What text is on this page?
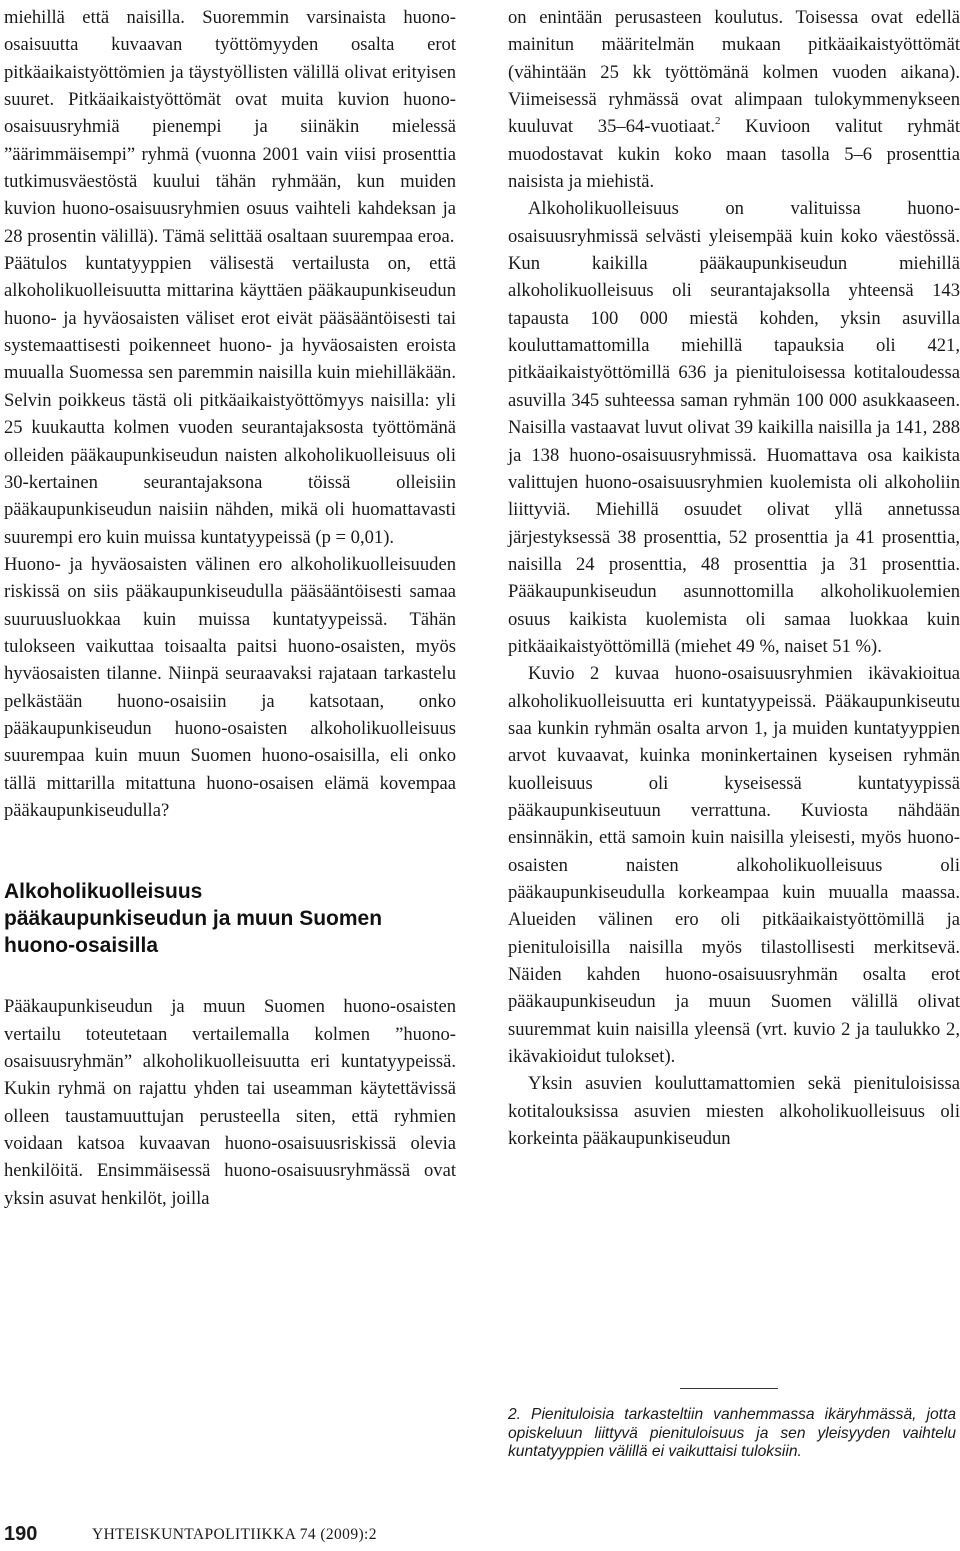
miehillä että naisilla. Suoremmin varsinaista huono-osaisuutta kuvaavan työttömyyden osalta erot pitkäaikaistyöttömien ja täystyöllisten välillä olivat erityisen suuret. Pitkäaikaistyöttömät ovat muita kuvion huono-osaisuusryhmiä pienempi ja siinäkin mielessä ”äärimmäisempi” ryhmä (vuonna 2001 vain viisi prosenttia tutkimusväestöstä kuului tähän ryhmään, kun muiden kuvion huono-osaisuusryhmien osuus vaihteli kahdeksan ja 28 prosentin välillä). Tämä selittää osaltaan suurempaa eroa.

Päätulos kuntatyyppien välisestä vertailusta on, että alkoholikuolleisuutta mittarina käyttäen pääkaupunkiseudun huono- ja hyväosaisten väliset erot eivät pääsääntöisesti tai systemaattisesti poikenneet huono- ja hyväosaisten eroista muualla Suomessa sen paremmin naisilla kuin miehilläkään. Selvin poikkeus tästä oli pitkäaikaistyöttömyys naisilla: yli 25 kuukautta kolmen vuoden seurantajaksosta työttömänä olleiden pääkaupunkiseudun naisten alkoholikuolleisuus oli 30-kertainen seurantajaksona töissä olleisiin pääkaupunkiseudun naisiin nähden, mikä oli huomattavasti suurempi ero kuin muissa kuntatyypeissä (p = 0,01).

Huono- ja hyväosaisten välinen ero alkoholikuolleisuuden riskissä on siis pääkaupunkiseudulla pääsääntöisesti samaa suuruusluokkaa kuin muissa kuntatyypeissä. Tähän tulokseen vaikuttaa toisaalta paitsi huono-osaisten, myös hyväosaisten tilanne. Niinpä seuraavaksi rajataan tarkastelu pelkästään huono-osaisiin ja katsotaan, onko pääkaupunkiseudun huono-osaisten alkoholikuolleisuus suurempaa kuin muun Suomen huono-osaisilla, eli onko tällä mittarilla mitattuna huono-osaisen elämä kovempaa pääkaupunkiseudulla?

Alkoholikuolleisuus pääkaupunkiseudun ja muun Suomen huono-osaisilla

Pääkaupunkiseudun ja muun Suomen huono-osaisten vertailu toteutetaan vertailemalla kolmen ”huono-osaisuusryhmän” alkoholikuolleisuutta eri kuntatyypeissä. Kukin ryhmä on rajattu yhden tai useamman käytettävissä olleen taustamuuttujan perusteella siten, että ryhmien voidaan katsoa kuvaavan huono-osaisuusriskissä olevia henkilöitä. Ensimmäisessä huono-osaisuusryhmässä ovat yksin asuvat henkilöt, joilla

on enintään perusasteen koulutus. Toisessa ovat edellä mainitun määritelmän mukaan pitkäaikaistyöttömät (vähintään 25 kk työttömänä kolmen vuoden aikana). Viimeisessä ryhmässä ovat alimpaan tulokymmenykseen kuuluvat 35–64-vuotiaat.$^2$ Kuvioon valitut ryhmät muodostavat kukin koko maan tasolla 5–6 prosenttia naisista ja miehistä.

Alkoholikuolleisuus on valituissa huono-osaisuusryhmissä selvästi yleisempää kuin koko väestössä. Kun kaikilla pääkaupunkiseudun miehillä alkoholikuolleisuus oli seurantajaksolla yhteensä 143 tapausta 100 000 miestä kohden, yksin asuvilla kouluttamattomilla miehillä tapauksia oli 421, pitkäaikaistyöttömillä 636 ja pienituloisessa kotitaloudessa asuvilla 345 suhteessa saman ryhmän 100 000 asukkaaseen. Naisilla vastaavat luvut olivat 39 kaikilla naisilla ja 141, 288 ja 138 huono-osaisuusryhmissä. Huomattava osa kaikista valittujen huono-osaisuusryhmien kuolemista oli alkoholiin liittyviä. Miehillä osuudet olivat yllä annetussa järjestyksessä 38 prosenttia, 52 prosenttia ja 41 prosenttia, naisilla 24 prosenttia, 48 prosenttia ja 31 prosenttia. Pääkaupunkiseudun asunnottomilla alkoholikuolemien osuus kaikista kuolemista oli samaa luokkaa kuin pitkäaikaistyöttömillä (miehet 49 %, naiset 51 %).

Kuvio 2 kuvaa huono-osaisuusryhmien ikävakioitua alkoholikuolleisuutta eri kuntatyypeissä. Pääkaupunkiseutu saa kunkin ryhmän osalta arvon 1, ja muiden kuntatyyppien arvot kuvaavat, kuinka moninkertainen kyseisen ryhmän kuolleisuus oli kyseisessä kuntatyypissä pääkaupunkiseutuun verrattuna. Kuviosta nähdään ensinnäkin, että samoin kuin naisilla yleisesti, myös huono-osaisten naisten alkoholikuolleisuus oli pääkaupunkiseudulla korkeampaa kuin muualla maassa. Alueiden välinen ero oli pitkäaikaistyöttömillä ja pienituloisilla naisilla myös tilastollisesti merkitsevä. Näiden kahden huono-osaisuusryhmän osalta erot pääkaupunkiseudun ja muun Suomen välillä olivat suuremmat kuin naisilla yleensä (vrt. kuvio 2 ja taulukko 2, ikävakioidut tulokset).

Yksin asuvien kouluttamattomien sekä pienituloisissa kotitalouksissa asuvien miesten alkoholikuolleisuus oli korkeinta pääkaupunkiseudun

2. Pienituloisia tarkasteltiin vanhemmassa ikäryhmässä, jotta opiskeluun liittyvä pienituloisuus ja sen yleisyyden vaihtelu kuntatyyppien välillä ei vaikuttaisi tuloksiin.

190	YHTEISKUNTAPOLITIIKKA 74 (2009):2
